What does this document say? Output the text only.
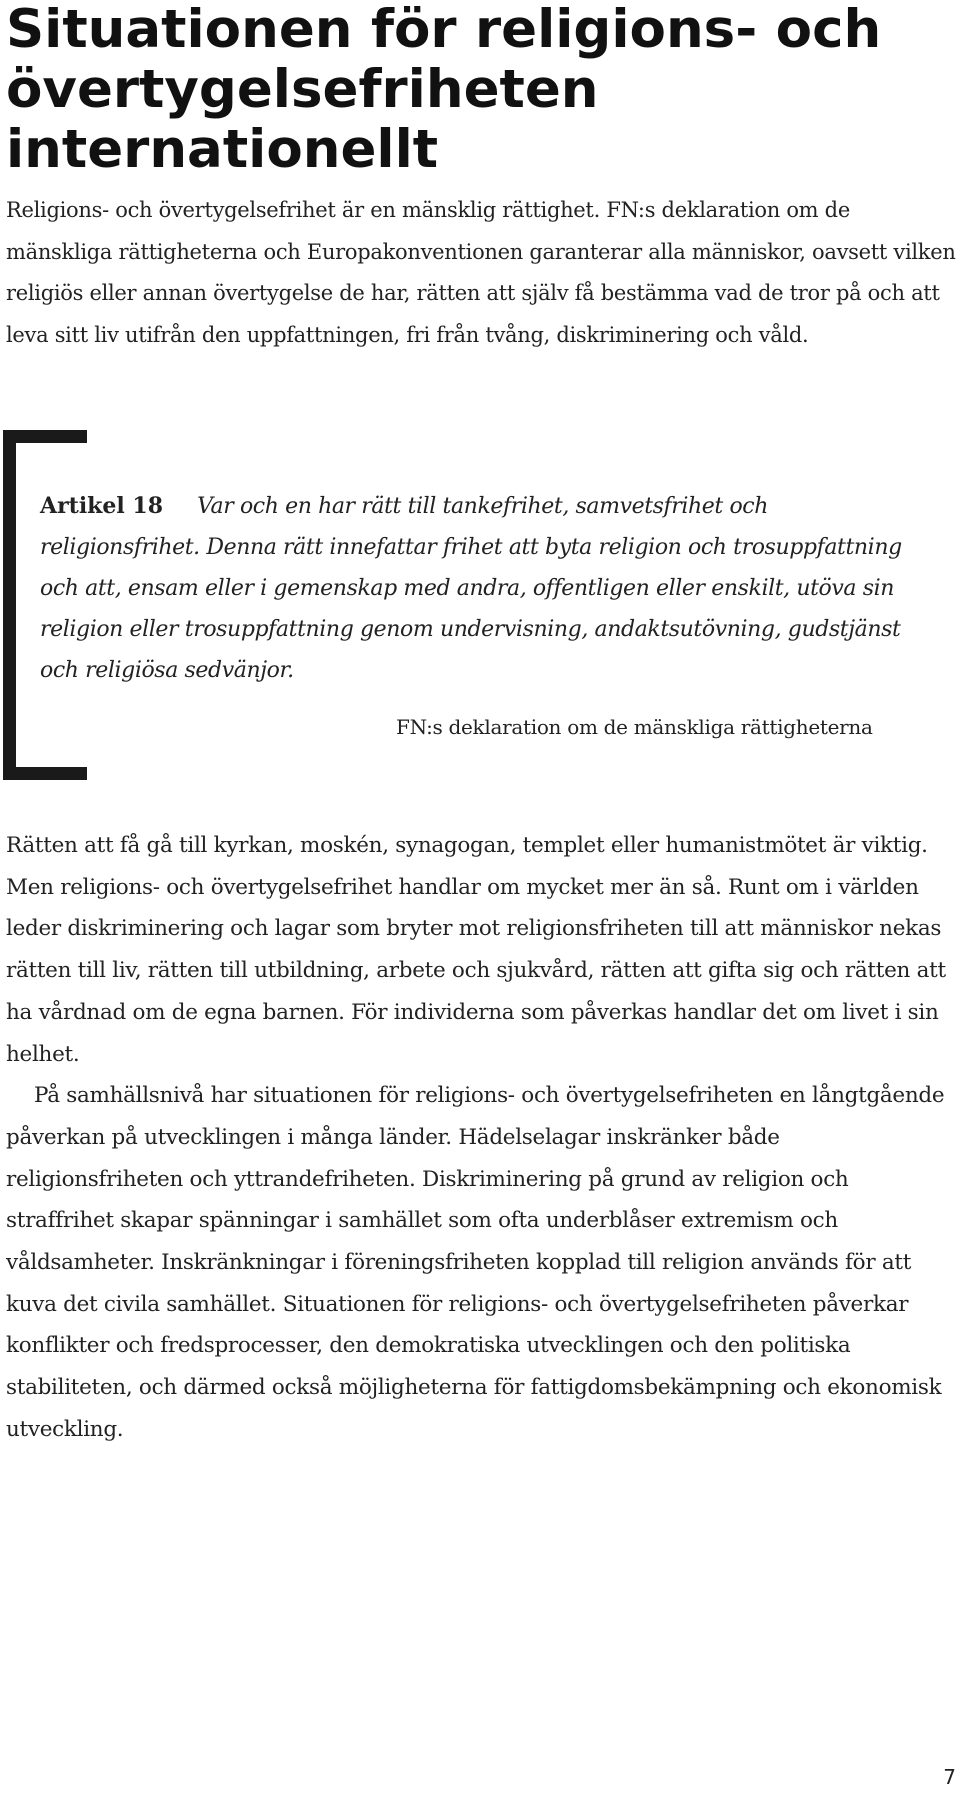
Situationen för religions- och övertygelsefriheten internationellt

Religions- och övertygelsefrihet är en mänsklig rättighet. FN:s deklaration om de mänskliga rättigheterna och Europakonventionen garanterar alla människor, oavsett vilken religiös eller annan övertygelse de har, rätten att själv få bestämma vad de tror på och att leva sitt liv utifrån den uppfattningen, fri från tvång, diskriminering och våld.

Artikel 18 Var och en har rätt till tankefrihet, samvetsfrihet och religionsfrihet. Denna rätt innefattar frihet att byta religion och trosuppfattning och att, ensam eller i gemenskap med andra, offentligen eller enskilt, utöva sin religion eller trosuppfattning genom undervisning, andaktsutövning, gudstjänst och religiösa sedvänjor.

FN:s deklaration om de mänskliga rättigheterna

Rätten att få gå till kyrkan, moskén, synagogan, templet eller humanistmötet är viktig. Men religions- och övertygelsefrihet handlar om mycket mer än så. Runt om i världen leder diskriminering och lagar som bryter mot religionsfriheten till att människor nekas rätten till liv, rätten till utbildning, arbete och sjukvård, rätten att gifta sig och rätten att ha vårdnad om de egna barnen. För individerna som påverkas handlar det om livet i sin helhet.

På samhällsnivå har situationen för religions- och övertygelsefriheten en långtgående påverkan på utvecklingen i många länder. Hädelselagar inskränker både religionsfriheten och yttrandefriheten. Diskriminering på grund av religion och straffrihet skapar spänningar i samhället som ofta underblåser extremism och våldsamheter. Inskränkningar i föreningsfriheten kopplad till religion används för att kuva det civila samhället. Situationen för religions- och övertygelsefriheten påverkar konflikter och fredsprocesser, den demokratiska utvecklingen och den politiska stabiliteten, och därmed också möjligheterna för fattigdomsbekämpning och ekonomisk utveckling.

7
